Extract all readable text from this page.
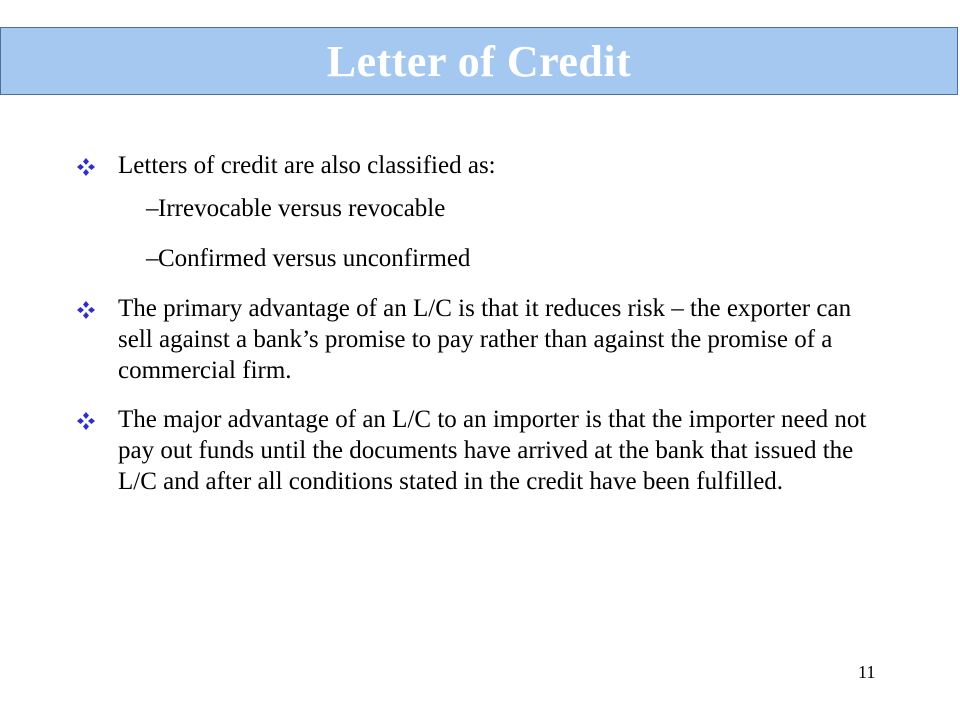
Letter of Credit
Letters of credit are also classified as:
– Irrevocable versus revocable
– Confirmed versus unconfirmed
The primary advantage of an L/C is that it reduces risk – the exporter can sell against a bank’s promise to pay rather than against the promise of a commercial firm.
The major advantage of an L/C to an importer is that the importer need not pay out funds until the documents have arrived at the bank that issued the L/C and after all conditions stated in the credit have been fulfilled.
11
